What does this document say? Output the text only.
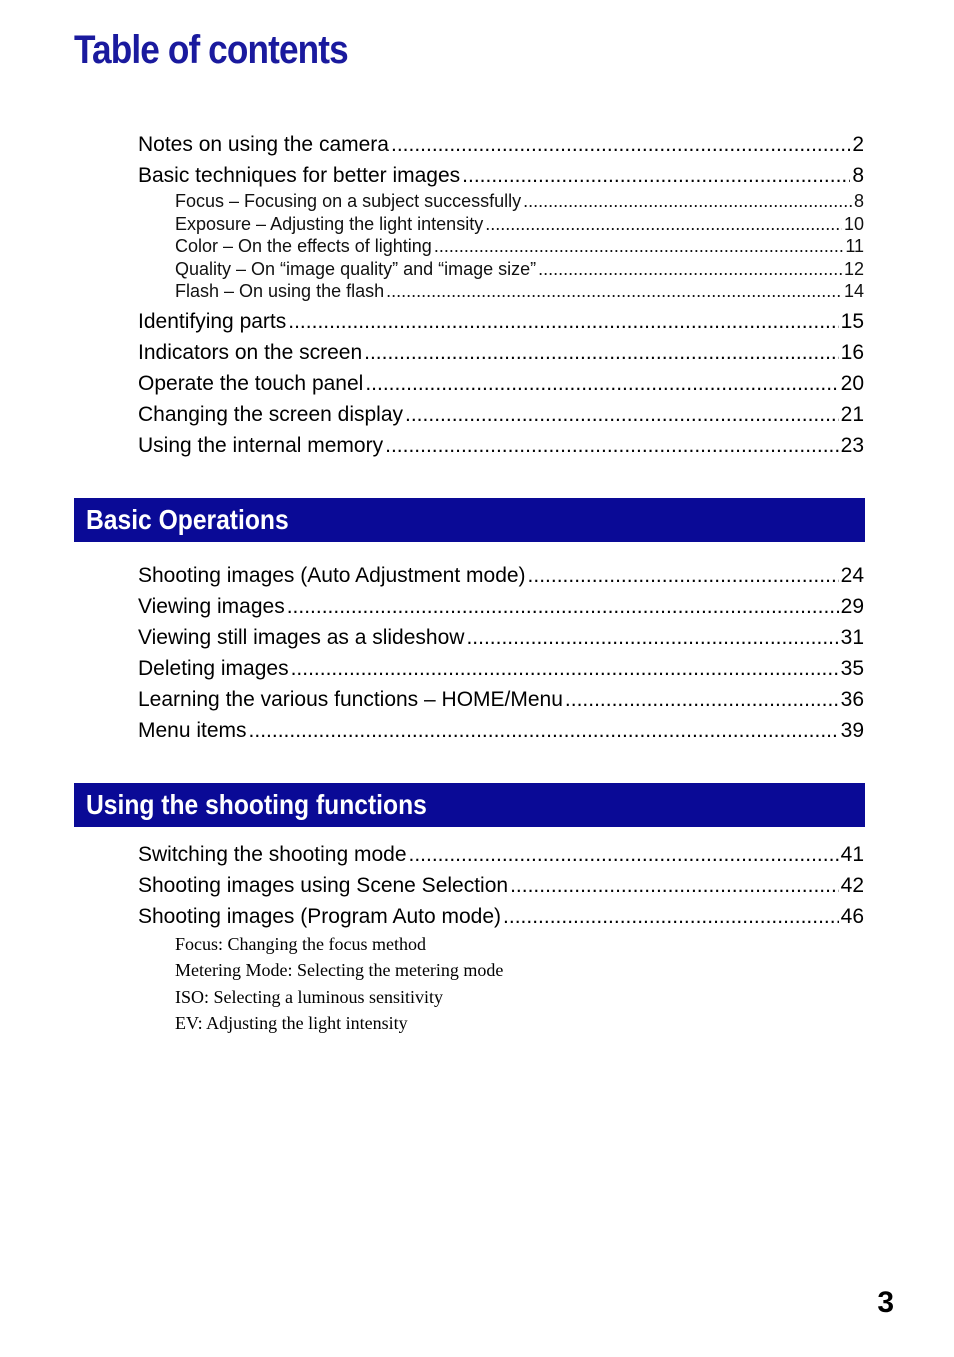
Table of contents
Notes on using the camera .....	2
Basic techniques for better images .....	8
Focus – Focusing on a subject successfully .....	8
Exposure – Adjusting the light intensity .....	10
Color – On the effects of lighting .....	11
Quality – On “image quality” and “image size” .....	12
Flash – On using the flash .....	14
Identifying parts .....	15
Indicators on the screen .....	16
Operate the touch panel .....	20
Changing the screen display .....	21
Using the internal memory .....	23
Basic Operations
Shooting images (Auto Adjustment mode) .....	24
Viewing images .....	29
Viewing still images as a slideshow .....	31
Deleting images .....	35
Learning the various functions – HOME/Menu .....	36
Menu items .....	39
Using the shooting functions
Switching the shooting mode .....	41
Shooting images using Scene Selection .....	42
Shooting images (Program Auto mode) .....	46
Focus: Changing the focus method
Metering Mode: Selecting the metering mode
ISO: Selecting a luminous sensitivity
EV: Adjusting the light intensity
3
